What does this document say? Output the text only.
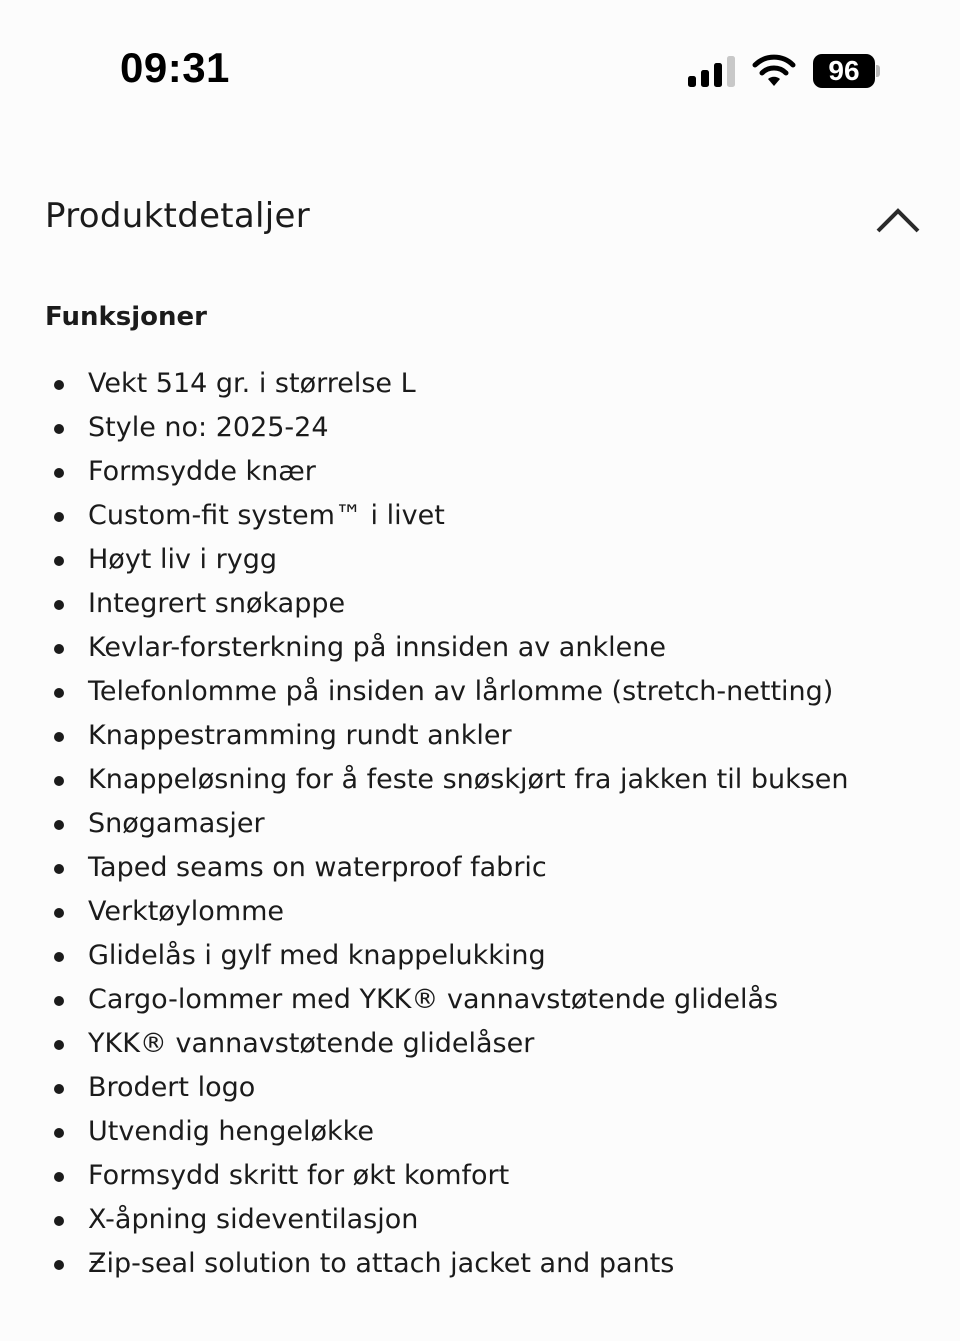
09:31	96
Produktdetaljer
Funksjoner
Vekt 514 gr. i størrelse L
Style no: 2025-24
Formsydde knær
Custom-fit system™ i livet
Høyt liv i rygg
Integrert snøkappe
Kevlar-forsterkning på innsiden av anklene
Telefonlomme på insiden av lårlomme (stretch-netting)
Knappestramming rundt ankler
Knappeløsning for å feste snøskjørt fra jakken til buksen
Snøgamasjer
Taped seams on waterproof fabric
Verktøylomme
Glidelås i gylf med knappelukking
Cargo-lommer med YKK® vannavstøtende glidelås
YKK® vannavstøtende glidelåser
Brodert logo
Utvendig hengeløkke
Formsydd skritt for økt komfort
X-åpning sideventilasjon
Ƶip-seal solution to attach jacket and pants
